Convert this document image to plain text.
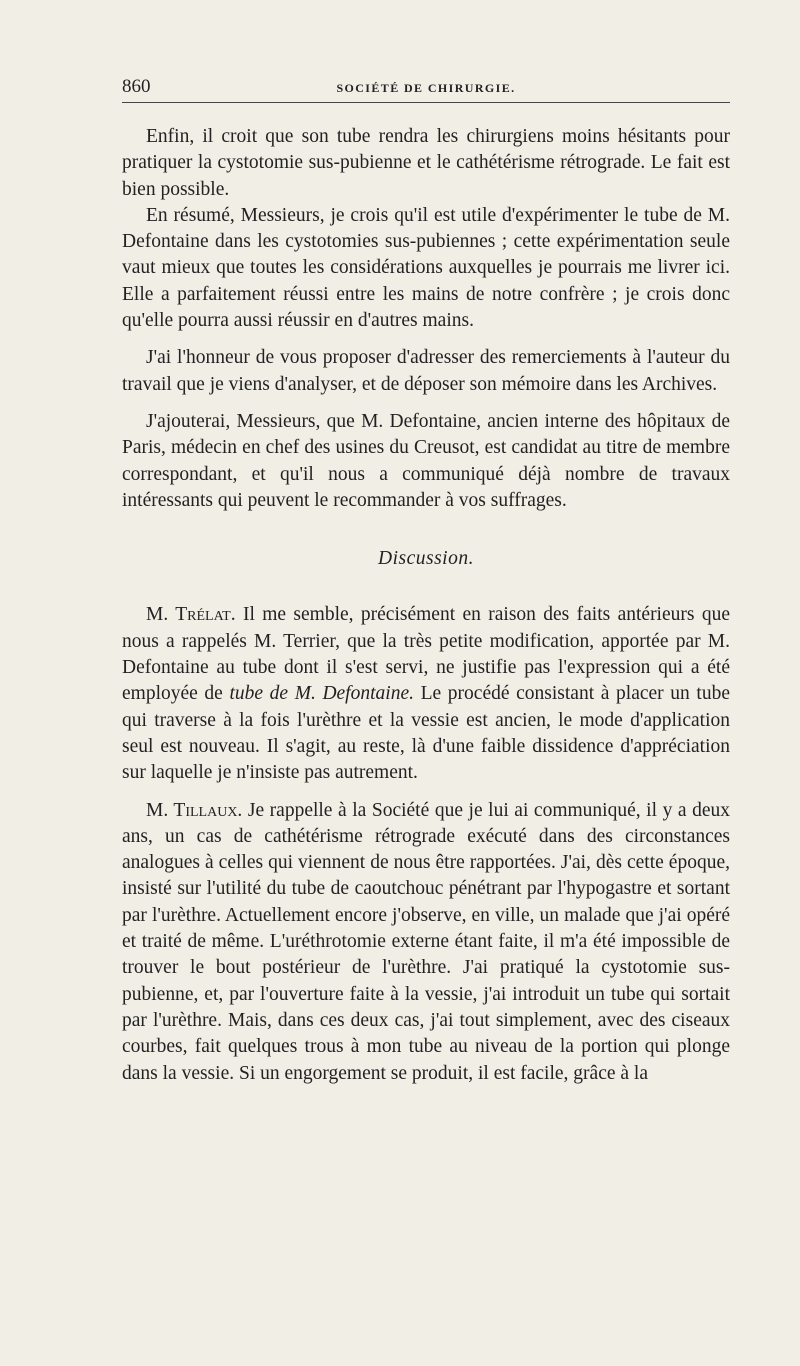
860	SOCIÉTÉ DE CHIRURGIE.

Enfin, il croit que son tube rendra les chirurgiens moins hésitants pour pratiquer la cystotomie sus-pubienne et le cathétérisme rétrograde. Le fait est bien possible.

En résumé, Messieurs, je crois qu'il est utile d'expérimenter le tube de M. Defontaine dans les cystotomies sus-pubiennes ; cette expérimentation seule vaut mieux que toutes les considérations auxquelles je pourrais me livrer ici. Elle a parfaitement réussi entre les mains de notre confrère ; je crois donc qu'elle pourra aussi réussir en d'autres mains.

J'ai l'honneur de vous proposer d'adresser des remerciements à l'auteur du travail que je viens d'analyser, et de déposer son mémoire dans les Archives.

J'ajouterai, Messieurs, que M. Defontaine, ancien interne des hôpitaux de Paris, médecin en chef des usines du Creusot, est candidat au titre de membre correspondant, et qu'il nous a communiqué déjà nombre de travaux intéressants qui peuvent le recommander à vos suffrages.

Discussion.

M. Trélat. Il me semble, précisément en raison des faits antérieurs que nous a rappelés M. Terrier, que la très petite modification, apportée par M. Defontaine au tube dont il s'est servi, ne justifie pas l'expression qui a été employée de tube de M. Defontaine. Le procédé consistant à placer un tube qui traverse à la fois l'urèthre et la vessie est ancien, le mode d'application seul est nouveau. Il s'agit, au reste, là d'une faible dissidence d'appréciation sur laquelle je n'insiste pas autrement.

M. Tillaux. Je rappelle à la Société que je lui ai communiqué, il y a deux ans, un cas de cathétérisme rétrograde exécuté dans des circonstances analogues à celles qui viennent de nous être rapportées. J'ai, dès cette époque, insisté sur l'utilité du tube de caoutchouc pénétrant par l'hypogastre et sortant par l'urèthre. Actuellement encore j'observe, en ville, un malade que j'ai opéré et traité de même. L'uréthrotomie externe étant faite, il m'a été impossible de trouver le bout postérieur de l'urèthre. J'ai pratiqué la cystotomie sus-pubienne, et, par l'ouverture faite à la vessie, j'ai introduit un tube qui sortait par l'urèthre. Mais, dans ces deux cas, j'ai tout simplement, avec des ciseaux courbes, fait quelques trous à mon tube au niveau de la portion qui plonge dans la vessie. Si un engorgement se produit, il est facile, grâce à la
